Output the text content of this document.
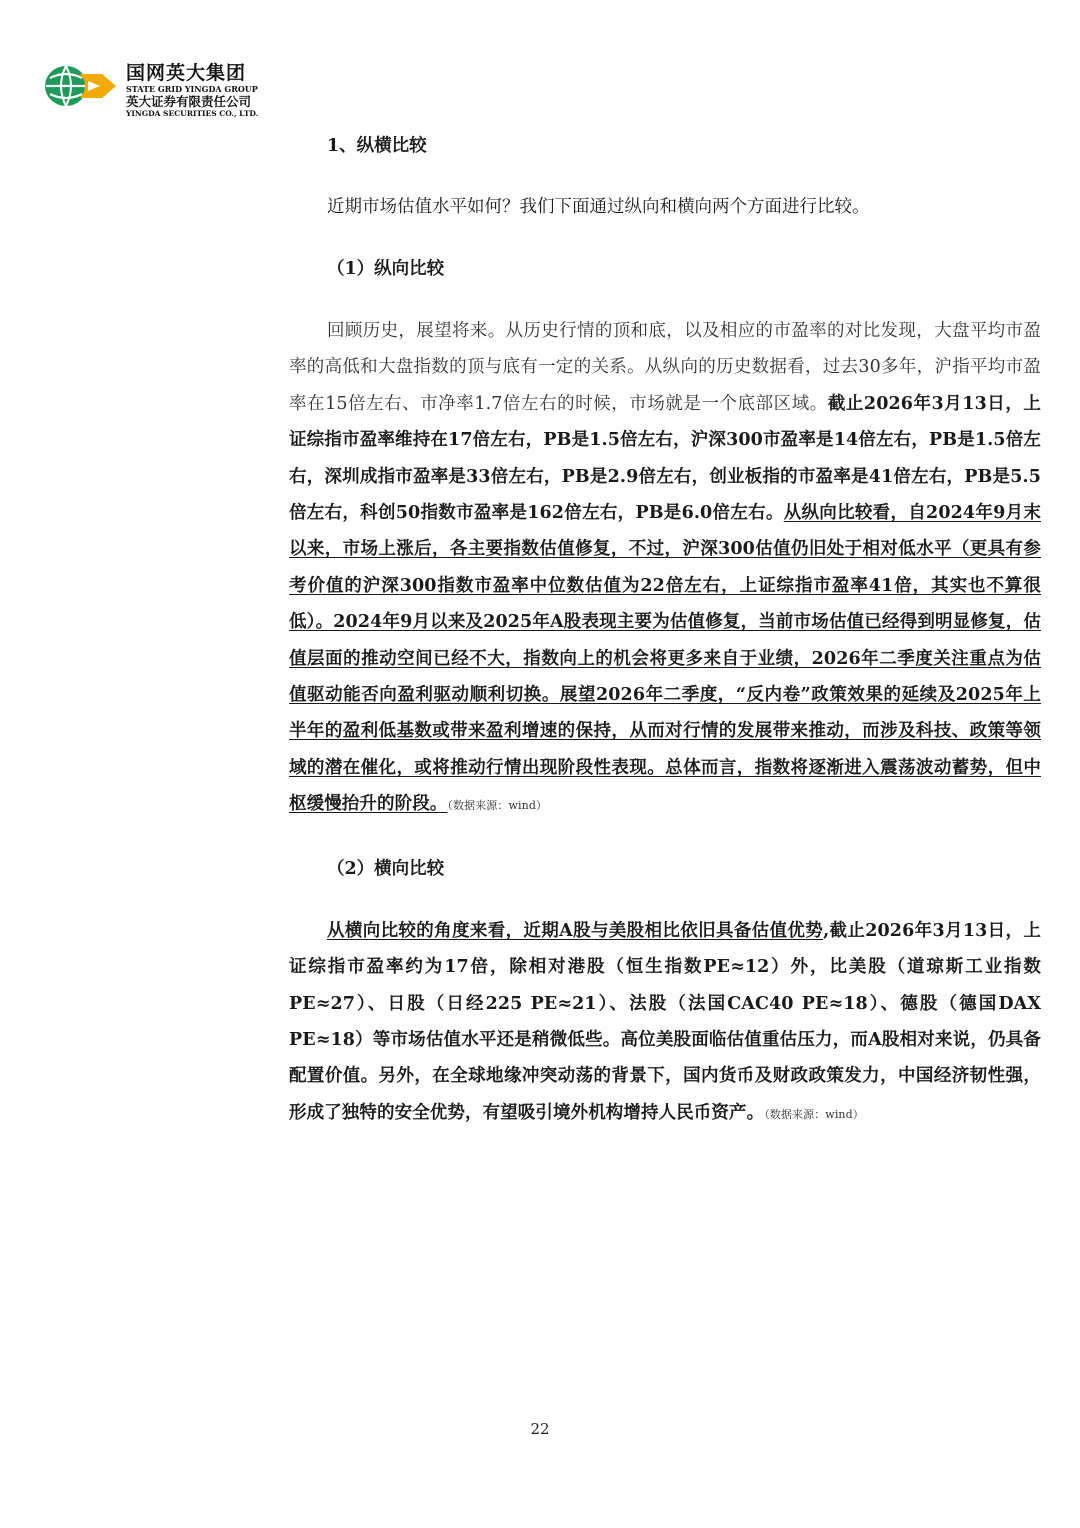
国网英大集团
STATE GRID YINGDA GROUP
英大证券有限责任公司
YINGDA SECURITIES CO., LTD.

1、纵横比较

近期市场估值水平如何？我们下面通过纵向和横向两个方面进行比较。

（1）纵向比较

回顾历史，展望将来。从历史行情的顶和底，以及相应的市盈率的对比发现，大盘平均市盈率的高低和大盘指数的顶与底有一定的关系。从纵向的历史数据看，过去30多年，沪指平均市盈率在15倍左右、市净率1.7倍左右的时候，市场就是一个底部区域。截止2026年3月13日，上证综指市盈率维持在17倍左右，PB是1.5倍左右，沪深300市盈率是14倍左右，PB是1.5倍左右，深圳成指市盈率是33倍左右，PB是2.9倍左右，创业板指的市盈率是41倍左右，PB是5.5倍左右，科创50指数市盈率是162倍左右，PB是6.0倍左右。从纵向比较看，自2024年9月末以来，市场上涨后，各主要指数估值修复，不过，沪深300估值仍旧处于相对低水平（更具有参考价值的沪深300指数市盈率中位数估值为22倍左右，上证综指市盈率41倍，其实也不算很低）。2024年9月以来及2025年A股表现主要为估值修复，当前市场估值已经得到明显修复，估值层面的推动空间已经不大，指数向上的机会将更多来自于业绩，2026年二季度关注重点为估值驱动能否向盈利驱动顺利切换。展望2026年二季度，“反内卷”政策效果的延续及2025年上半年的盈利低基数或带来盈利增速的保持，从而对行情的发展带来推动，而涉及科技、政策等领域的潜在催化，或将推动行情出现阶段性表现。总体而言，指数将逐渐进入震荡波动蓄势，但中枢缓慢抬升的阶段。（数据来源：wind）

（2）横向比较

从横向比较的角度来看，近期A股与美股相比依旧具备估值优势,截止2026年3月13日，上证综指市盈率约为17倍，除相对港股（恒生指数PE≈12）外，比美股（道琼斯工业指数PE≈27）、日股（日经225 PE≈21）、法股（法国CAC40 PE≈18）、德股（德国DAX PE≈18）等市场估值水平还是稍微低些。高位美股面临估值重估压力，而A股相对来说，仍具备配置价值。另外，在全球地缘冲突动荡的背景下，国内货币及财政政策发力，中国经济韧性强，形成了独特的安全优势，有望吸引境外机构增持人民币资产。（数据来源：wind）

22
